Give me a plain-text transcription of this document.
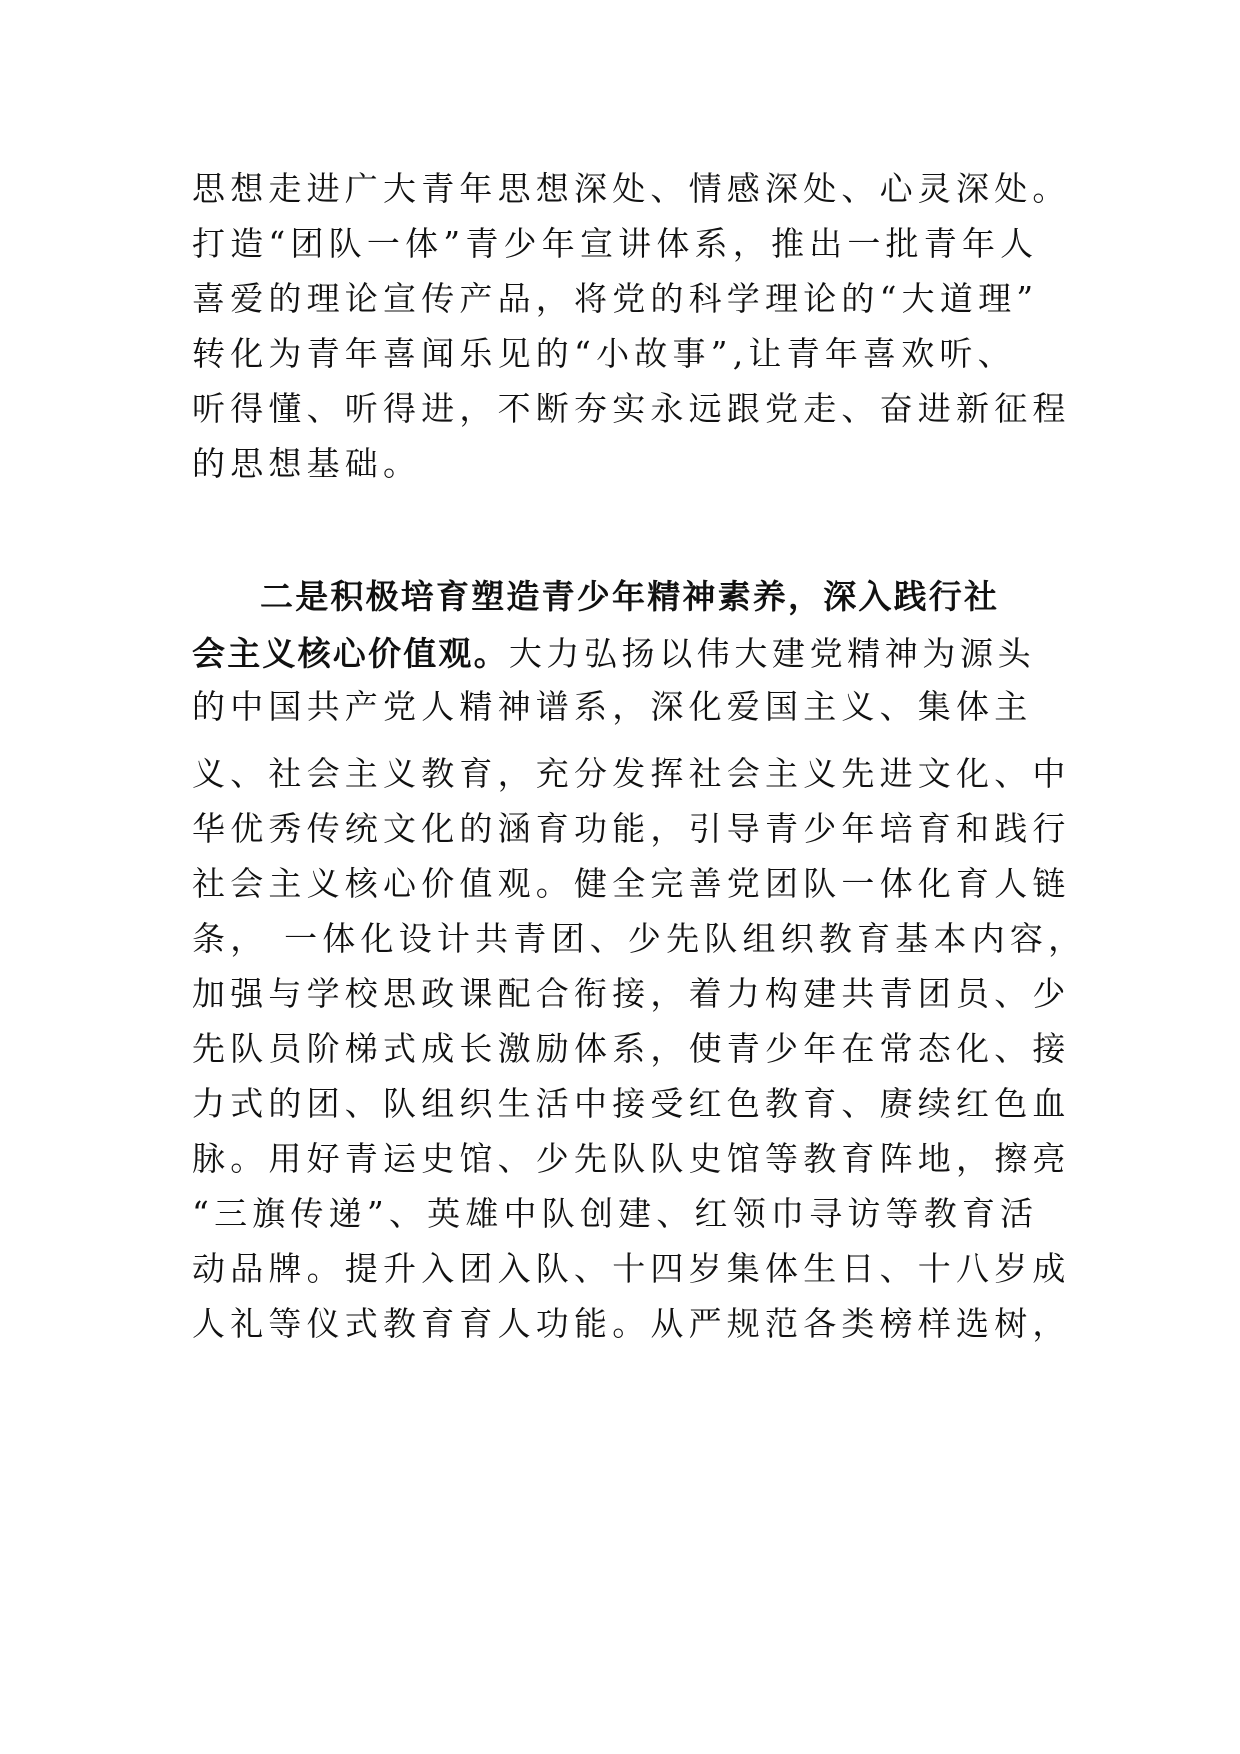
思想走进广大青年思想深处、情感深处、心灵深处。
打造“团队一体”青少年宣讲体系，推出一批青年人
喜爱的理论宣传产品，将党的科学理论的“大道理”
转化为青年喜闻乐见的“小故事”,让青年喜欢听、
听得懂、听得进，不断夯实永远跟党走、奋进新征程
的思想基础。
二是积极培育塑造青少年精神素养，深入践行社
会主义核心价值观。大力弘扬以伟大建党精神为源头
的中国共产党人精神谱系，深化爱国主义、集体主
义、社会主义教育，充分发挥社会主义先进文化、中
华优秀传统文化的涵育功能，引导青少年培育和践行
社会主义核心价值观。健全完善党团队一体化育人链
条， 一体化设计共青团、少先队组织教育基本内容，
加强与学校思政课配合衔接，着力构建共青团员、少
先队员阶梯式成长激励体系，使青少年在常态化、接
力式的团、队组织生活中接受红色教育、赓续红色血
脉。用好青运史馆、少先队队史馆等教育阵地，擦亮
“三旗传递”、英雄中队创建、红领巾寻访等教育活
动品牌。提升入团入队、十四岁集体生日、十八岁成
人礼等仪式教育育人功能。从严规范各类榜样选树，
